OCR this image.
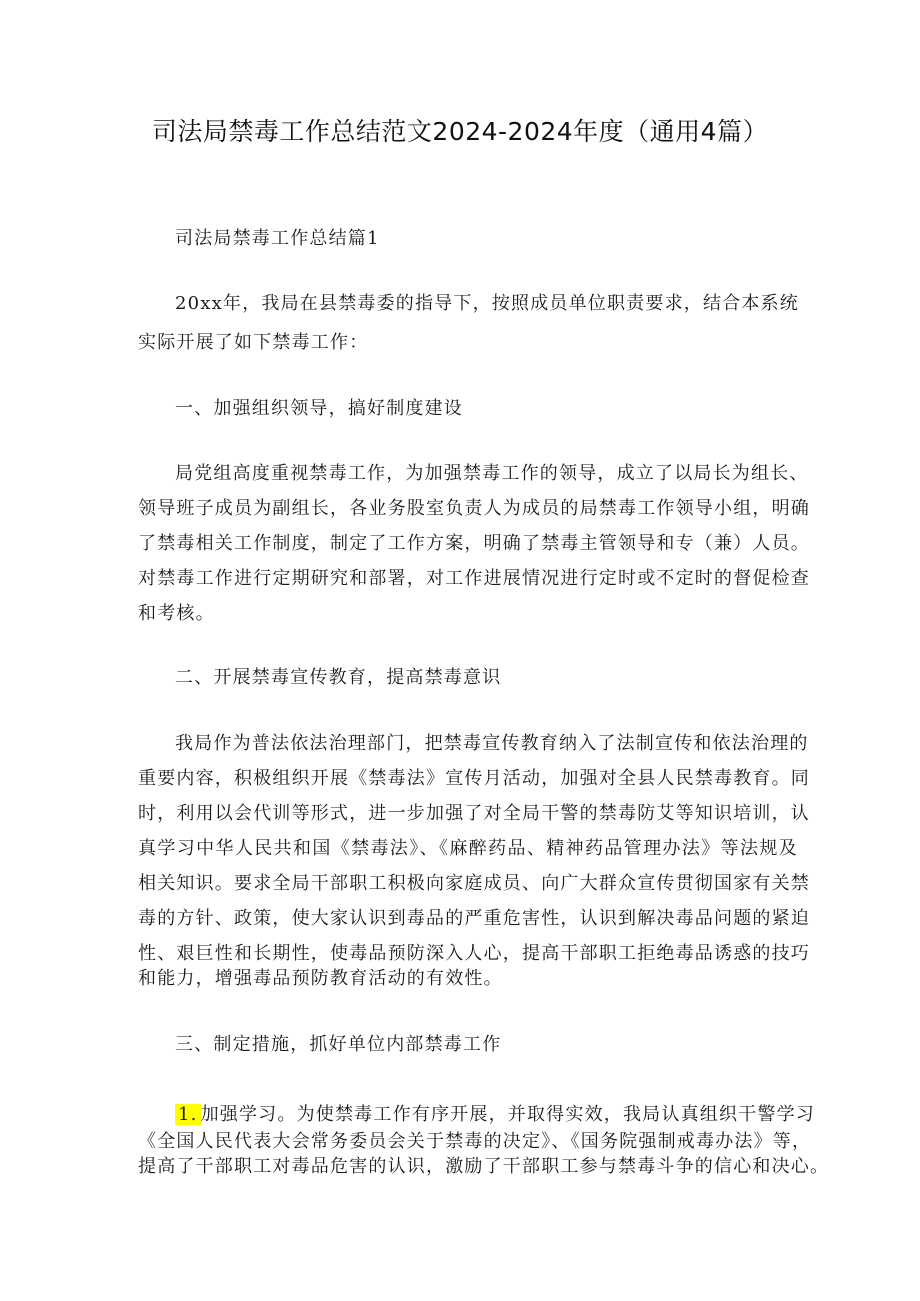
司法局禁毒工作总结范文2024-2024年度（通用4篇）
司法局禁毒工作总结篇1
20xx年，我局在县禁毒委的指导下，按照成员单位职责要求，结合本系统
实际开展了如下禁毒工作：
一、加强组织领导，搞好制度建设
局党组高度重视禁毒工作，为加强禁毒工作的领导，成立了以局长为组长、
领导班子成员为副组长，各业务股室负责人为成员的局禁毒工作领导小组，明确
了禁毒相关工作制度，制定了工作方案，明确了禁毒主管领导和专（兼）人员。
对禁毒工作进行定期研究和部署，对工作进展情况进行定时或不定时的督促检查
和考核。
二、开展禁毒宣传教育，提高禁毒意识
我局作为普法依法治理部门，把禁毒宣传教育纳入了法制宣传和依法治理的
重要内容，积极组织开展《禁毒法》宣传月活动，加强对全县人民禁毒教育。同
时，利用以会代训等形式，进一步加强了对全局干警的禁毒防艾等知识培训，认
真学习中华人民共和国《禁毒法》、《麻醉药品、精神药品管理办法》等法规及
相关知识。要求全局干部职工积极向家庭成员、向广大群众宣传贯彻国家有关禁
毒的方针、政策，使大家认识到毒品的严重危害性，认识到解决毒品问题的紧迫
性、艰巨性和长期性，使毒品预防深入人心，提高干部职工拒绝毒品诱惑的技巧
和能力，增强毒品预防教育活动的有效性。
三、制定措施，抓好单位内部禁毒工作
1. 加强学习。为使禁毒工作有序开展，并取得实效，我局认真组织干警学习
《全国人民代表大会常务委员会关于禁毒的决定》、《国务院强制戒毒办法》等，
提高了干部职工对毒品危害的认识，激励了干部职工参与禁毒斗争的信心和决心。
